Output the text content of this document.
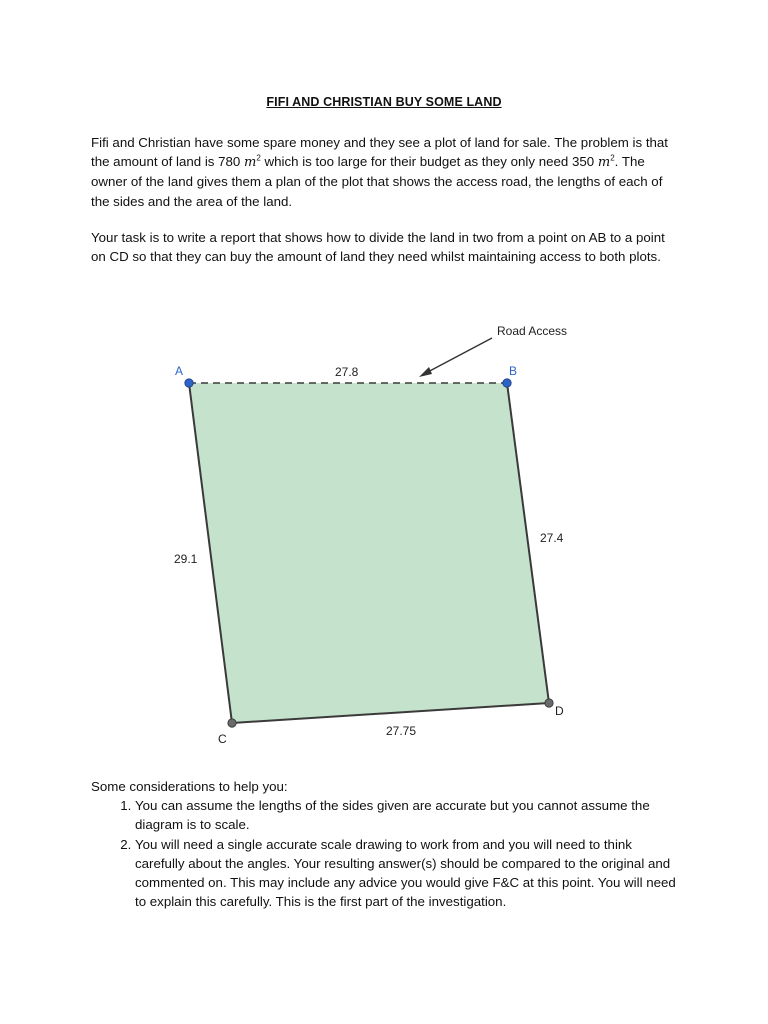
FIFI AND CHRISTIAN BUY SOME LAND

Fifi and Christian have some spare money and they see a plot of land for sale. The problem is that the amount of land is 780 $m^2$ which is too large for their budget as they only need 350 $m^2$. The owner of the land gives them a plan of the plot that shows the access road, the lengths of each of the sides and the area of the land.

Your task is to write a report that shows how to divide the land in two from a point on AB to a point on CD so that they can buy the amount of land they need whilst maintaining access to both plots.

Road Access
A	B
C
D
27.8
27.4
29.1
27.75
Some considerations to help you:
1. You can assume the lengths of the sides given are accurate but you cannot assume the diagram is to scale.
2. You will need a single accurate scale drawing to work from and you will need to think carefully about the angles. Your resulting answer(s) should be compared to the original and commented on. This may include any advice you would give F&C at this point. You will need to explain this carefully. This is the first part of the investigation.
